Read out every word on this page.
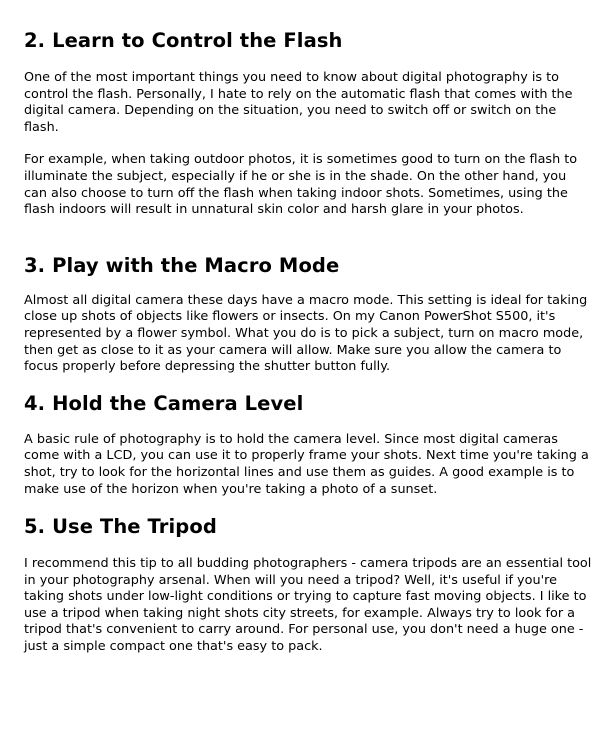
2. Learn to Control the Flash

One of the most important things you need to know about digital photography is to control the flash. Personally, I hate to rely on the automatic flash that comes with the digital camera. Depending on the situation, you need to switch off or switch on the flash.

For example, when taking outdoor photos, it is sometimes good to turn on the flash to illuminate the subject, especially if he or she is in the shade. On the other hand, you can also choose to turn off the flash when taking indoor shots. Sometimes, using the flash indoors will result in unnatural skin color and harsh glare in your photos.

3. Play with the Macro Mode

Almost all digital camera these days have a macro mode. This setting is ideal for taking close up shots of objects like flowers or insects. On my Canon PowerShot S500, it's represented by a flower symbol. What you do is to pick a subject, turn on macro mode, then get as close to it as your camera will allow. Make sure you allow the camera to focus properly before depressing the shutter button fully.

4. Hold the Camera Level

A basic rule of photography is to hold the camera level. Since most digital cameras come with a LCD, you can use it to properly frame your shots. Next time you're taking a shot, try to look for the horizontal lines and use them as guides. A good example is to make use of the horizon when you're taking a photo of a sunset.

5. Use The Tripod

I recommend this tip to all budding photographers - camera tripods are an essential tool in your photography arsenal. When will you need a tripod? Well, it's useful if you're taking shots under low-light conditions or trying to capture fast moving objects. I like to use a tripod when taking night shots city streets, for example. Always try to look for a tripod that's convenient to carry around. For personal use, you don't need a huge one - just a simple compact one that's easy to pack.
